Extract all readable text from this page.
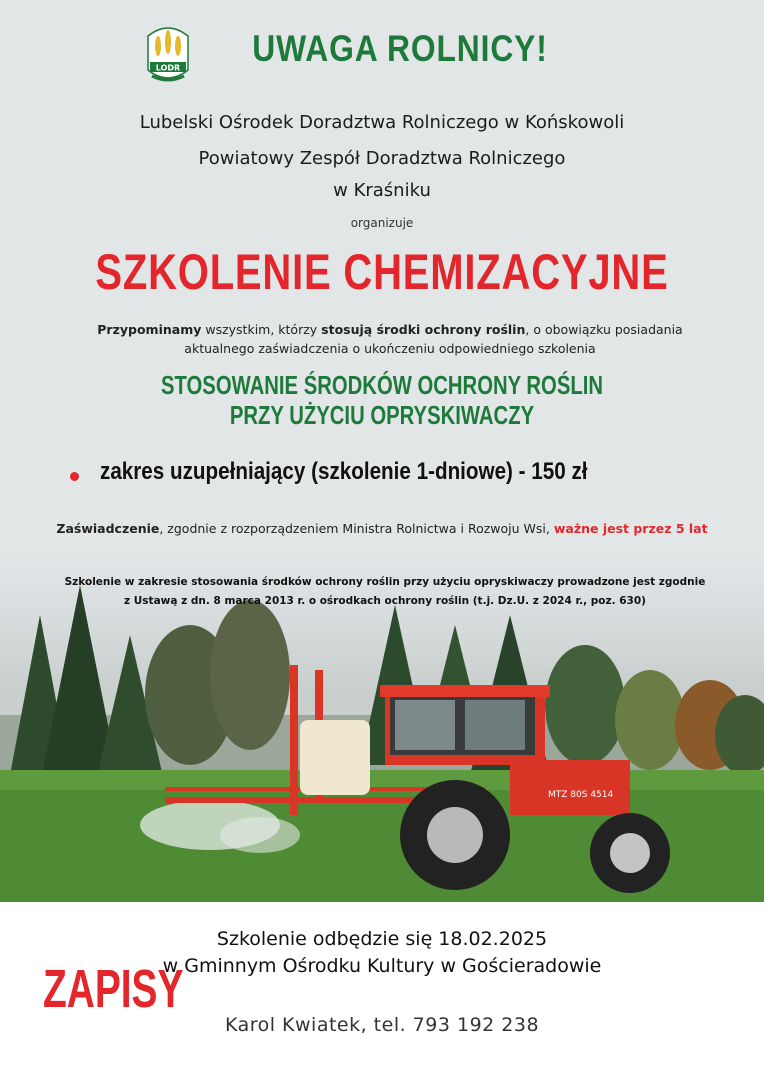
MTZ 80S 4514
LODR	UWAGA ROLNICY!
Lubelski Ośrodek Doradztwa Rolniczego w Końskowoli
Powiatowy Zespół Doradztwa Rolniczego
w Kraśniku
organizuje
SZKOLENIE CHEMIZACYJNE
Przypominamy wszystkim, którzy stosują środki ochrony roślin, o obowiązku posiadania aktualnego zaświadczenia o ukończeniu odpowiedniego szkolenia
STOSOWANIE ŚRODKÓW OCHRONY ROŚLIN
PRZY UŻYCIU OPRYSKIWACZY
zakres uzupełniający (szkolenie 1-dniowe) - 150 zł
Zaświadczenie, zgodnie z rozporządzeniem Ministra Rolnictwa i Rozwoju Wsi, ważne jest przez 5 lat
Szkolenie w zakresie stosowania środków ochrony roślin przy użyciu opryskiwaczy prowadzone jest zgodnie
z Ustawą z dn. 8 marca 2013 r. o ośrodkach ochrony roślin (t.j. Dz.U. z 2024 r., poz. 630)
Szkolenie odbędzie się 18.02.2025
w Gminnym Ośrodku Kultury w Gościeradowie
ZAPISY
Karol Kwiatek, tel. 793 192 238
